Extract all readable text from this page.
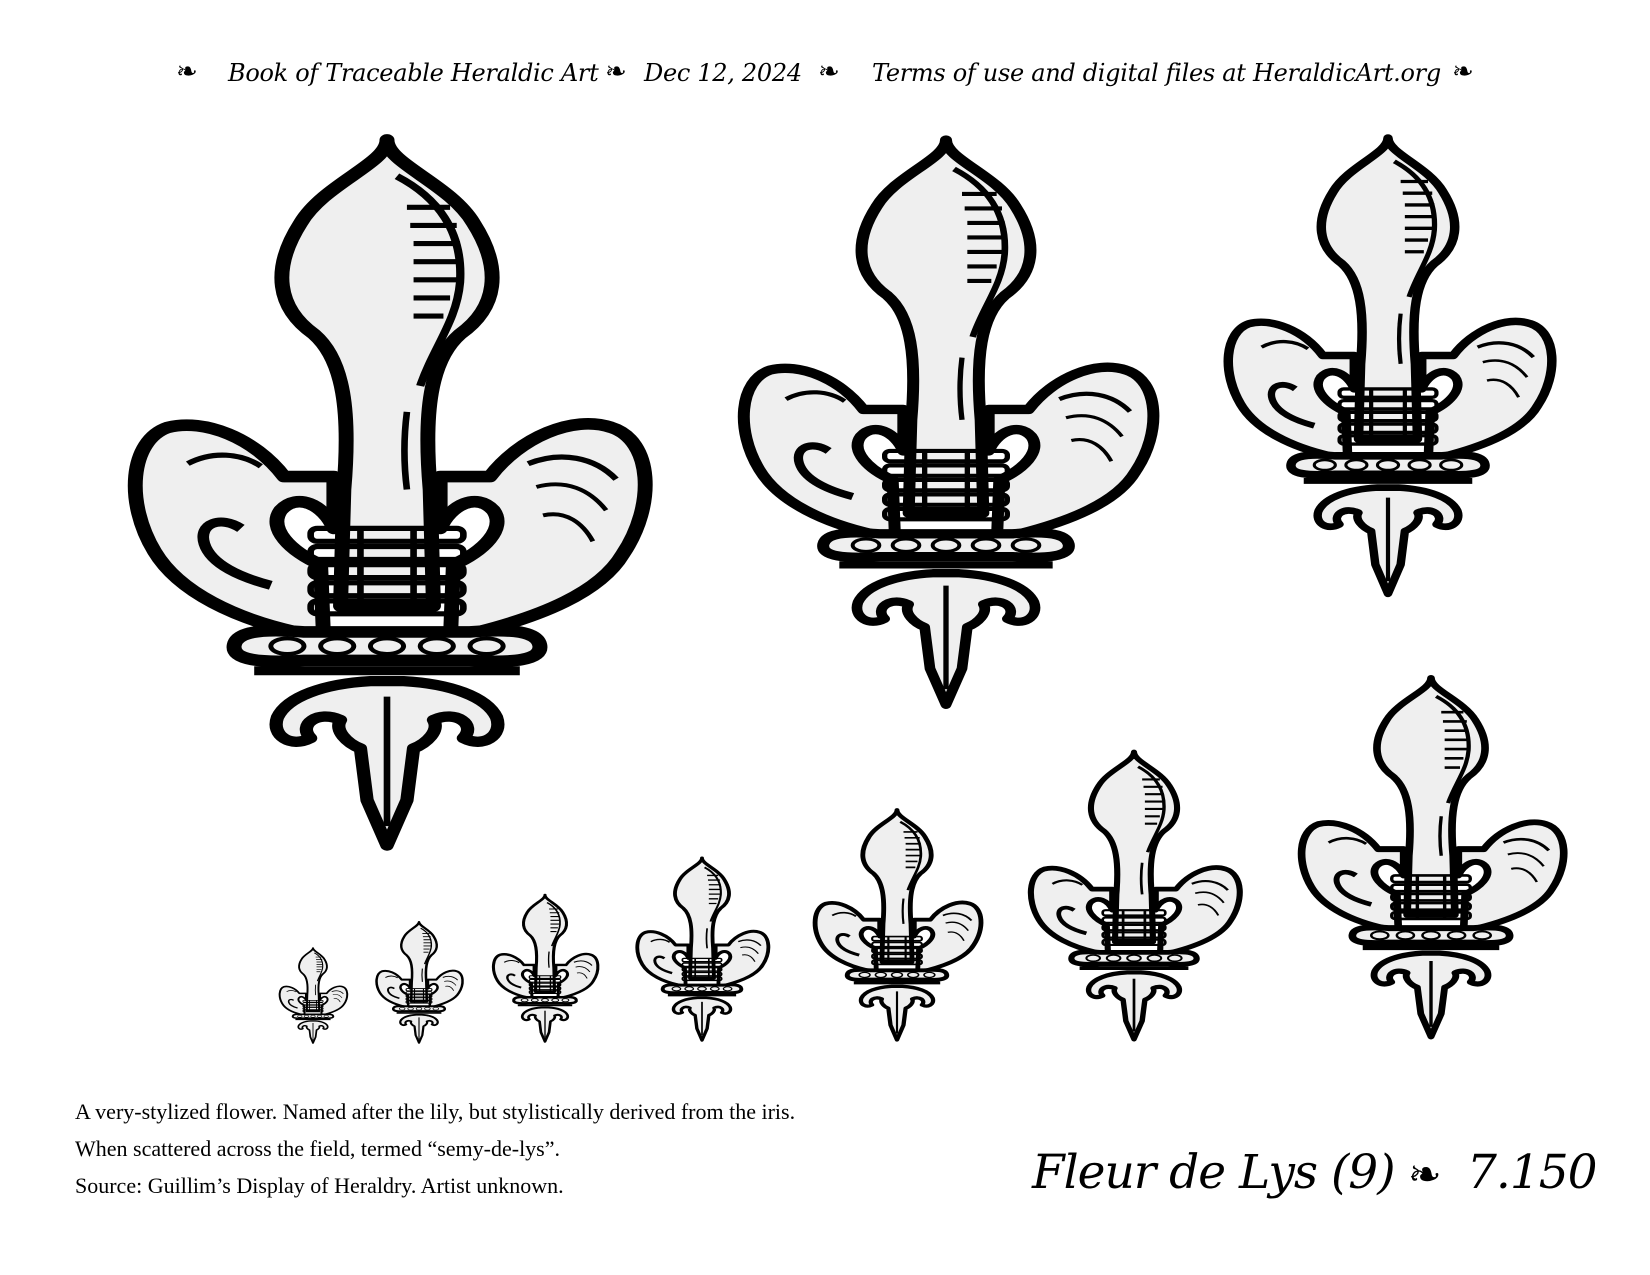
❧ Book of Traceable Heraldic Art ❧ Dec 12, 2024 ❧ Terms of use and digital files at HeraldicArt.org ❧
A very-stylized flower. Named after the lily, but stylistically derived from the iris.
When scattered across the field, termed “semy-de-lys”.
Source: Guillim’s Display of Heraldry. Artist unknown.	Fleur de Lys (9) ❧ 7.150
